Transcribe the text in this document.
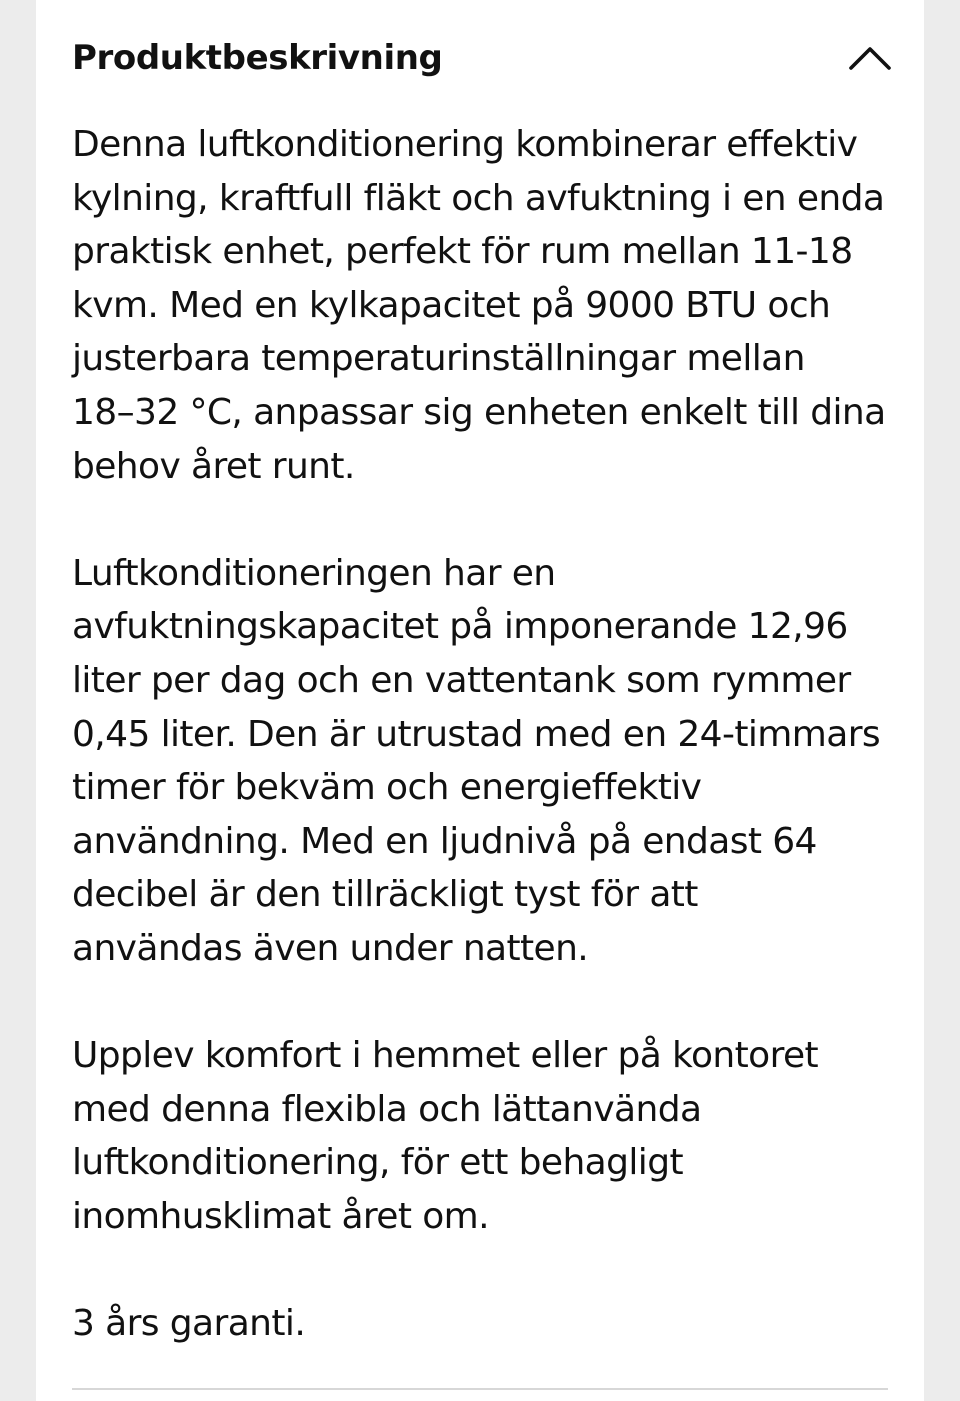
Produktbeskrivning

Denna luftkonditionering kombinerar effektiv
kylning, kraftfull fläkt och avfuktning i en enda
praktisk enhet, perfekt för rum mellan 11-18
kvm. Med en kylkapacitet på 9000 BTU och
justerbara temperaturinställningar mellan
18–32 °C, anpassar sig enheten enkelt till dina
behov året runt.

Luftkonditioneringen har en
avfuktningskapacitet på imponerande 12,96
liter per dag och en vattentank som rymmer
0,45 liter. Den är utrustad med en 24-timmars
timer för bekväm och energieffektiv
användning. Med en ljudnivå på endast 64
decibel är den tillräckligt tyst för att
användas även under natten.

Upplev komfort i hemmet eller på kontoret
med denna flexibla och lättanvända
luftkonditionering, för ett behagligt
inomhusklimat året om.

3 års garanti.
